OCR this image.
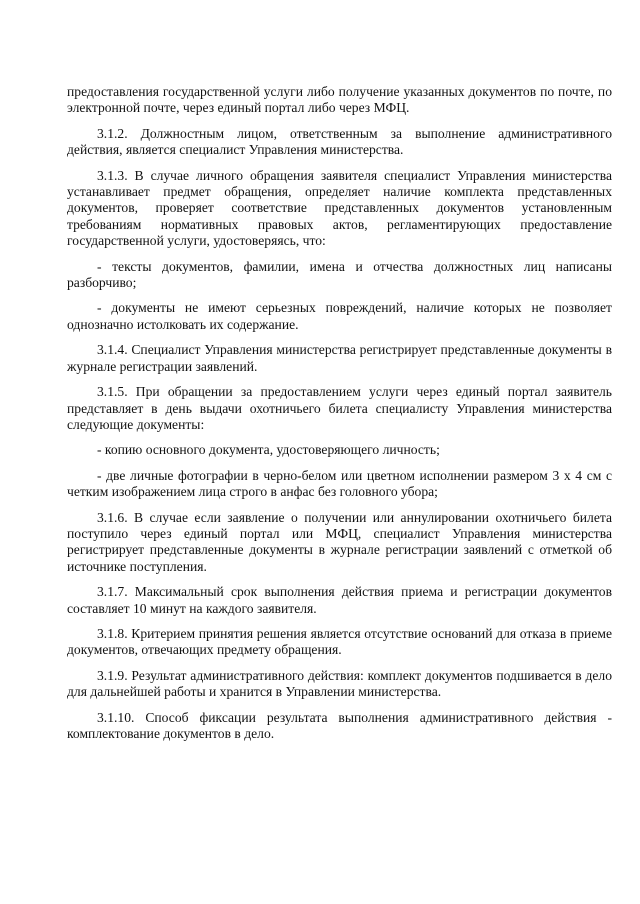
предоставления государственной услуги либо получение указанных документов по почте, по электронной почте, через единый портал либо через МФЦ.

3.1.2. Должностным лицом, ответственным за выполнение административного действия, является специалист Управления министерства.

3.1.3. В случае личного обращения заявителя специалист Управления министерства устанавливает предмет обращения, определяет наличие комплекта представленных документов, проверяет соответствие представленных документов установленным требованиям нормативных правовых актов, регламентирующих предоставление государственной услуги, удостоверяясь, что:

- тексты документов, фамилии, имена и отчества должностных лиц написаны разборчиво;

- документы не имеют серьезных повреждений, наличие которых не позволяет однозначно истолковать их содержание.

3.1.4. Специалист Управления министерства регистрирует представленные документы в журнале регистрации заявлений.

3.1.5. При обращении за предоставлением услуги через единый портал заявитель представляет в день выдачи охотничьего билета специалисту Управления министерства следующие документы:

- копию основного документа, удостоверяющего личность;

- две личные фотографии в черно-белом или цветном исполнении размером 3 х 4 см с четким изображением лица строго в анфас без головного убора;

3.1.6. В случае если заявление о получении или аннулировании охотничьего билета поступило через единый портал или МФЦ, специалист Управления министерства регистрирует представленные документы в журнале регистрации заявлений с отметкой об источнике поступления.

3.1.7. Максимальный срок выполнения действия приема и регистрации документов составляет 10 минут на каждого заявителя.

3.1.8. Критерием принятия решения является отсутствие оснований для отказа в приеме документов, отвечающих предмету обращения.

3.1.9. Результат административного действия: комплект документов подшивается в дело для дальнейшей работы и хранится в Управлении министерства.

3.1.10. Способ фиксации результата выполнения административного действия - комплектование документов в дело.
